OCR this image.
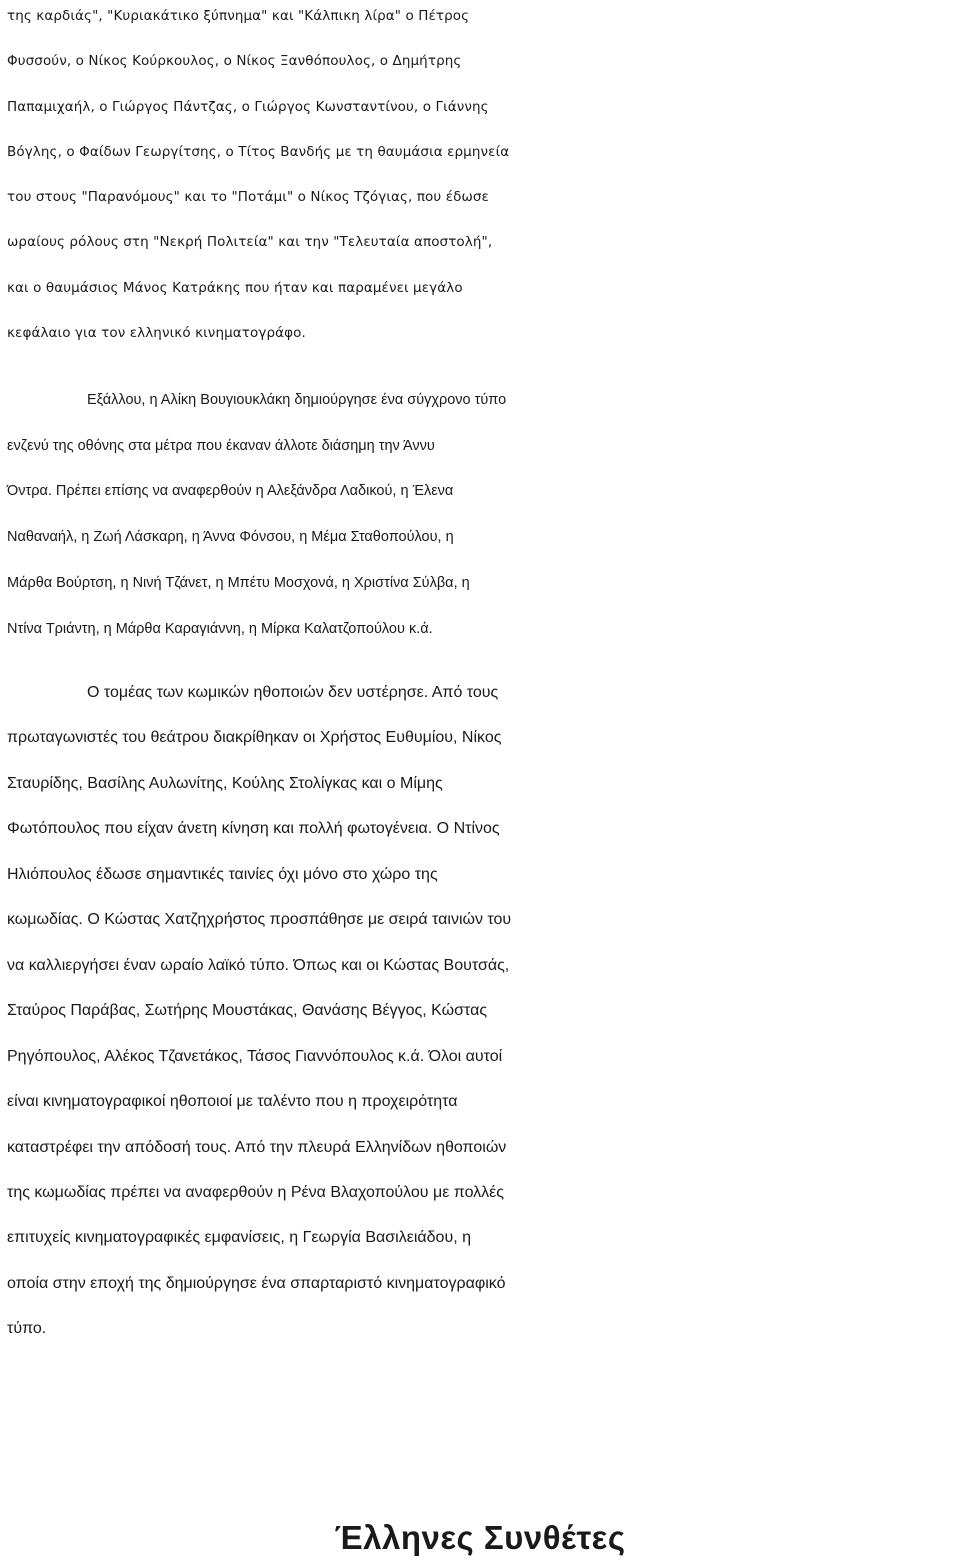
της καρδιάς", "Κυριακάτικο ξύπνημα" και "Κάλπικη λίρα" ο Πέτρος
Φυσσούν, ο Νίκος Κούρκουλος, ο Νίκος Ξανθόπουλος, ο Δημήτρης
Παπαμιχαήλ, ο Γιώργος Πάντζας, ο Γιώργος Κωνσταντίνου, ο Γιάννης
Βόγλης, ο Φαίδων Γεωργίτσης, ο Τίτος Βανδής με τη θαυμάσια ερμηνεία
του στους "Παρανόμους" και το "Ποτάμι" ο Νίκος Τζόγιας, που έδωσε
ωραίους ρόλους στη "Νεκρή Πολιτεία" και την "Τελευταία αποστολή",
και ο θαυμάσιος Μάνος Κατράκης που ήταν και παραμένει μεγάλο
κεφάλαιο για τον ελληνικό κινηματογράφο.

Εξάλλου, η Αλίκη Βουγιουκλάκη δημιούργησε ένα σύγχρονο τύπο
ενζενύ της οθόνης στα μέτρα που έκαναν άλλοτε διάσημη την Άννυ
Όντρα. Πρέπει επίσης να αναφερθούν η Αλεξάνδρα Λαδικού, η Έλενα
Ναθαναήλ, η Ζωή Λάσκαρη, η Άννα Φόνσου, η Μέμα Σταθοπούλου, η
Μάρθα Βούρτση, η Νινή Τζάνετ, η Μπέτυ Μοσχονά, η Χριστίνα Σύλβα, η
Ντίνα Τριάντη, η Μάρθα Καραγιάννη, η Μίρκα Καλατζοπούλου κ.ά.

Ο τομέας των κωμικών ηθοποιών δεν υστέρησε. Από τους
πρωταγωνιστές του θεάτρου διακρίθηκαν οι Χρήστος Ευθυμίου, Νίκος
Σταυρίδης, Βασίλης Αυλωνίτης, Κούλης Στολίγκας και ο Μίμης
Φωτόπουλος που είχαν άνετη κίνηση και πολλή φωτογένεια. Ο Ντίνος
Ηλιόπουλος έδωσε σημαντικές ταινίες όχι μόνο στο χώρο της
κωμωδίας. Ο Κώστας Χατζηχρήστος προσπάθησε με σειρά ταινιών του
να καλλιεργήσει έναν ωραίο λαϊκό τύπο. Όπως και οι Κώστας Βουτσάς,
Σταύρος Παράβας, Σωτήρης Μουστάκας, Θανάσης Βέγγος, Κώστας
Ρηγόπουλος, Αλέκος Τζανετάκος, Τάσος Γιαννόπουλος κ.ά. Όλοι αυτοί
είναι κινηματογραφικοί ηθοποιοί με ταλέντο που η προχειρότητα
καταστρέφει την απόδοσή τους. Από την πλευρά Ελληνίδων ηθοποιών
της κωμωδίας πρέπει να αναφερθούν η Ρένα Βλαχοπούλου με πολλές
επιτυχείς κινηματογραφικές εμφανίσεις, η Γεωργία Βασιλειάδου, η
οποία στην εποχή της δημιούργησε ένα σπαρταριστό κινηματογραφικό
τύπο.

Έλληνες Συνθέτες
